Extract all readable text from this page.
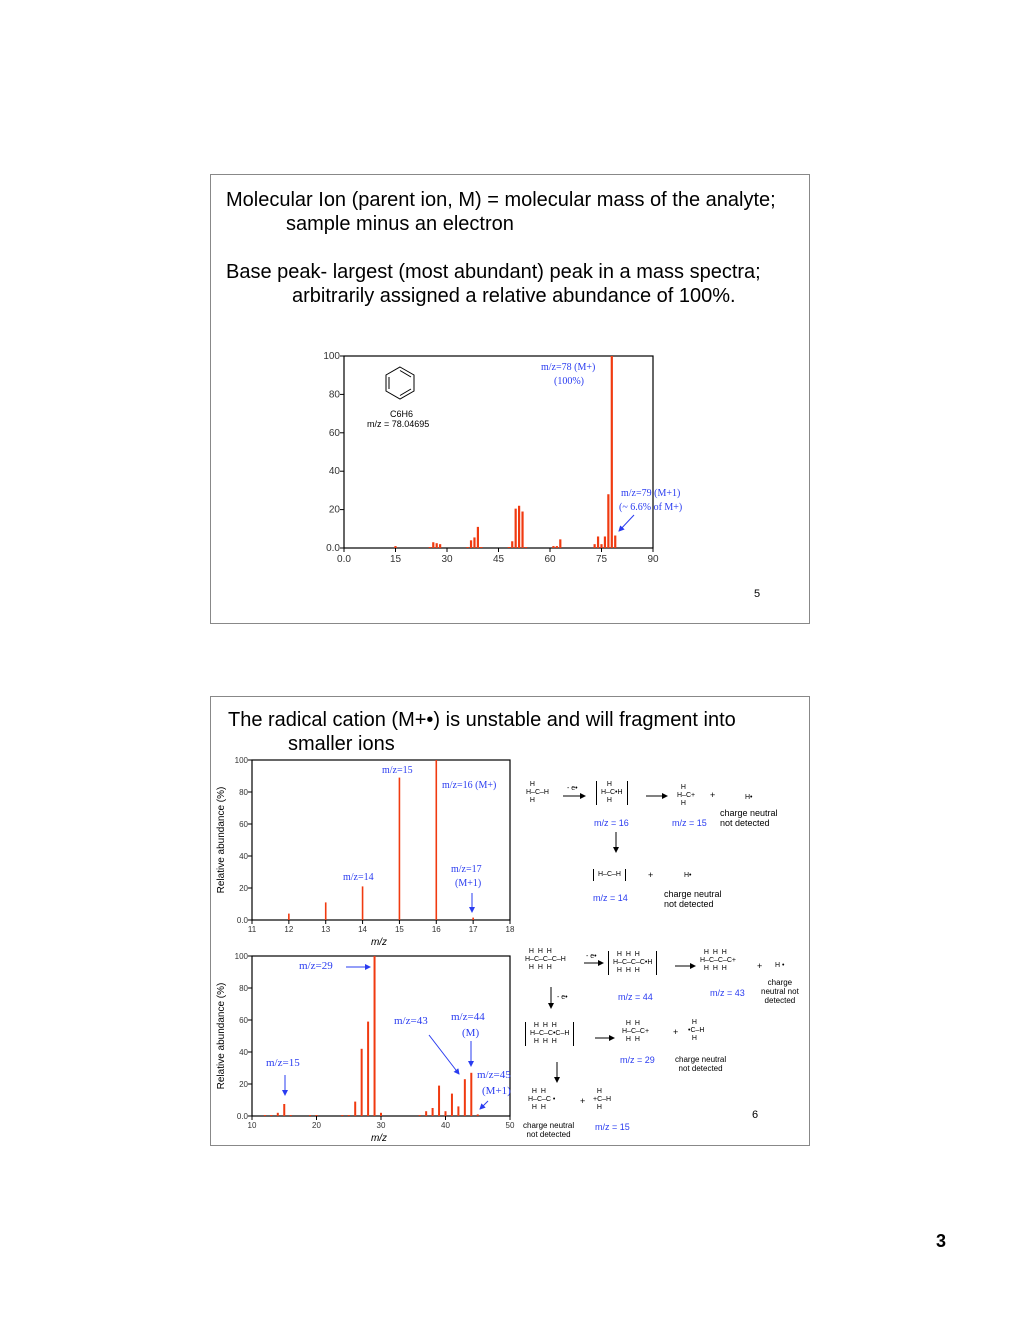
Molecular Ion (parent ion, M) = molecular mass of the analyte;
sample minus an electron
Base peak- largest (most abundant) peak in a mass spectra;
arbitrarily assigned a relative abundance of 100%.
5
The radical cation (M+•) is unstable and will fragment into
smaller ions
6
0.0	15	30	45	60	75	90
0.0
20
40
60
80
100
11	12	13	14	15	16	17	18
0.0
20
40
60
80
100
m/z
Relative abundance (%)
10	20	30	40	50
0.0
20
40
60
80
100
m/z
Relative abundance (%)
C6H6
m/z = 78.04695
m/z=78 (M+)
(100%)
m/z=79 (M+1)
(~ 6.6% of M+)
m/z=15
m/z=16 (M+)
m/z=14
m/z=17
(M+1)
m/z=29
m/z=15
m/z=43 m/z=44
(M)
m/z=45
(M+1)
H
H–C–H
H
- e•
H
H–C•H
H
m/z = 16
H
H–C+
H
m/z = 15
+	H•
charge neutral
not detected
H–C–H
m/z = 14
+	H•
charge neutral
not detected
H  H  H
H–C–C–C–H
H  H  H
- e•	H  H  H
H–C–C–C•H
H  H  H
m/z = 44
H  H  H
H–C–C–C+
H  H  H
m/z = 43
+ H •
charge
neutral not
detected
- e•
H  H  H
H–C–C•C–H
H  H  H
H  H
H–C–C+
H  H
m/z = 29
+
H
•C–H
H
charge neutral
not detected
H  H
H–C–C •
H  H
+
H
+C–H
H
charge neutral
not detected
m/z = 15
3
